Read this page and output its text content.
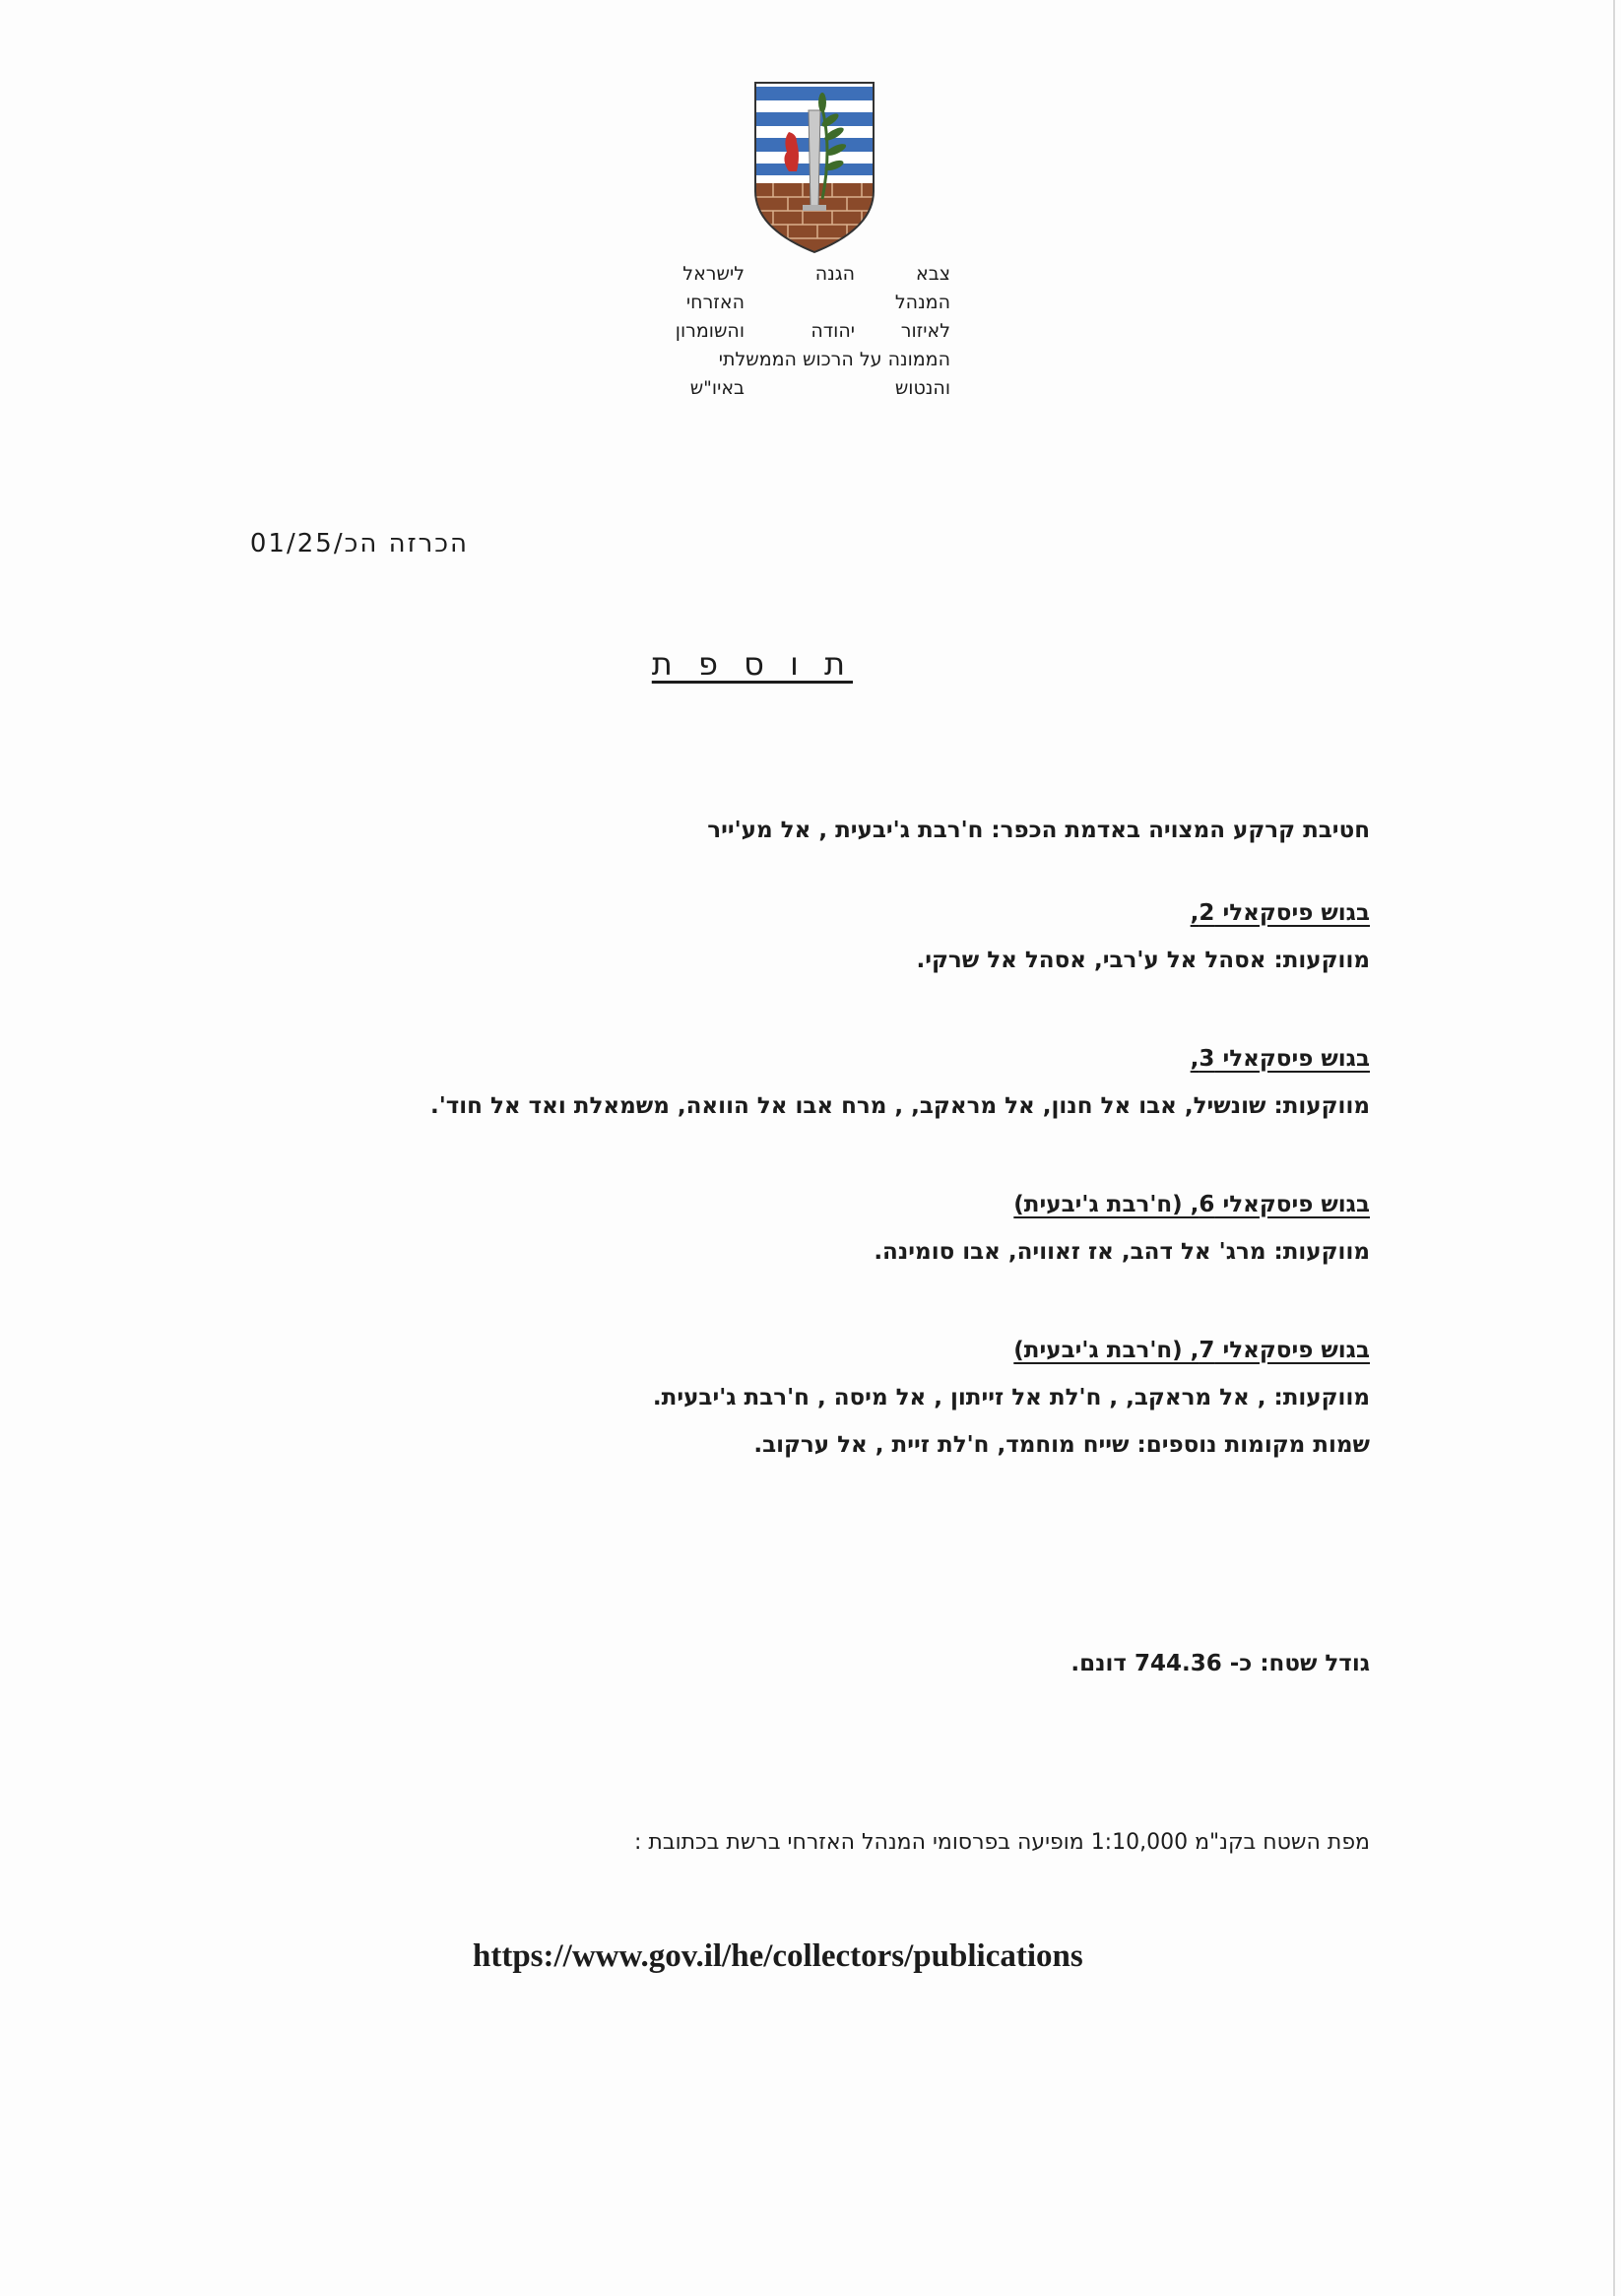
צבא
המנהל
לאיזור
הממונה על הרכוש הממשלתי
והנטוש
הגנה
יהודה
לישראל
האזרחי
והשומרון
באיו"ש
הכרזה הכ/01/25
ת ו ס פ ת
חטיבת קרקע המצויה באדמת הכפר: ח'רבת ג'יבעית , אל מע'ייר
בגוש פיסקאלי 2,
מווקעות: אסהל אל ע'רבי, אסהל אל שרקי.
בגוש פיסקאלי 3,
מווקעות: שונשיל, אבו אל חנון, אל מראקב, , מרח אבו אל הוואה, משמאלת ואד אל חוד'.
בגוש פיסקאלי 6, (ח'רבת ג'יבעית)
מווקעות: מרג' אל דהב, אז זאוויה, אבו סומינה.
בגוש פיסקאלי 7, (ח'רבת ג'יבעית)
מווקעות: , אל מראקב, , ח'לת אל זייתון , אל מיסה , ח'רבת ג'יבעית.
שמות מקומות נוספים: שייח מוחמד, ח'לת זיית , אל ערקוב.
גודל שטח: כ- 744.36 דונם.
מפת השטח בקנ"מ 1:10,000 מופיעה בפרסומי המנהל האזרחי ברשת בכתובת :
https://www.gov.il/he/collectors/publications
